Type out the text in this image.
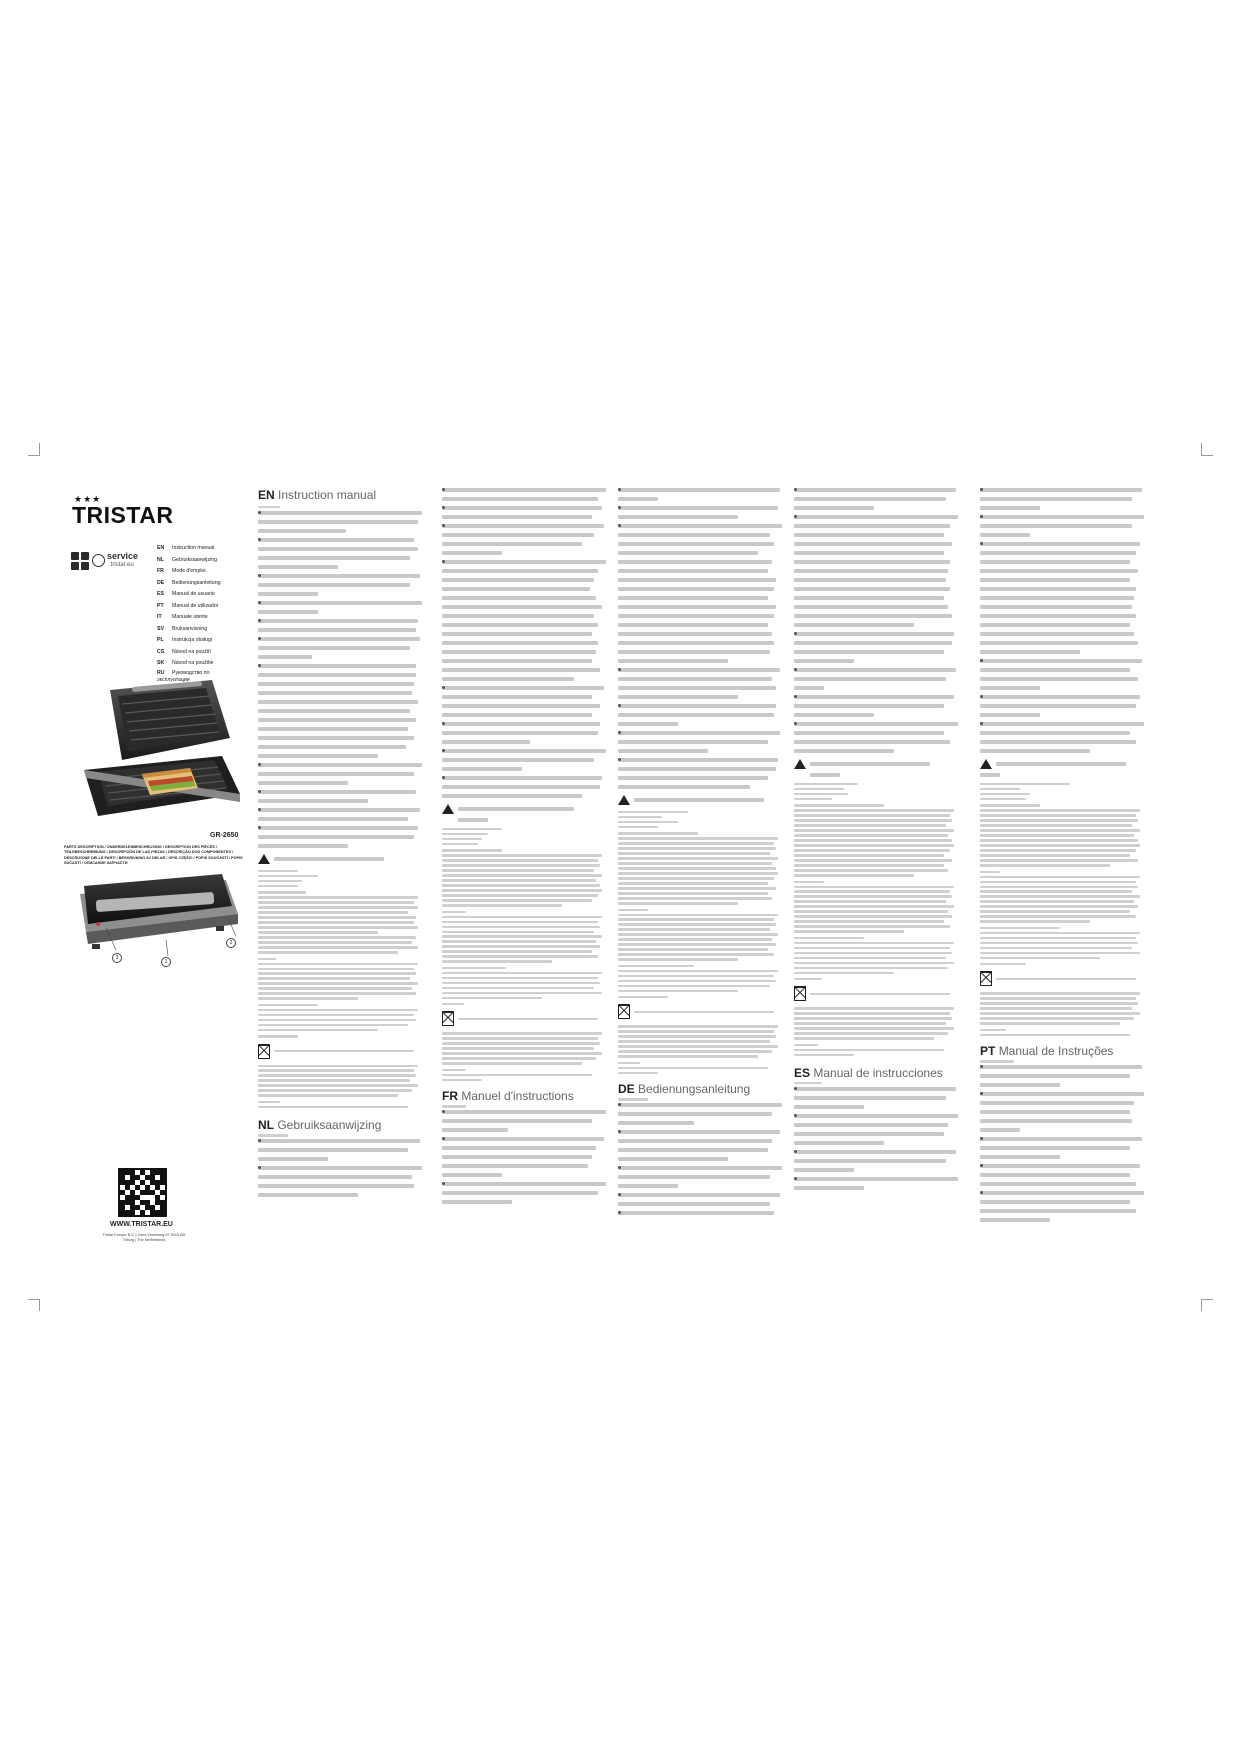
★★★
TRISTAR
service
.tristar.eu
EN Instruction manual
NL Gebruiksaanwijzing
FR Mode d'emploi
DE Bedienungsanleitung
ES Manual de usuario
PT Manual de utilizador
IT Manuale utente
SV Bruksanvisning
PL Instrukcja obsługi
CS Návod na použití
SK Návod na použitie
RU Руководство по эксплуатации
GR-2650
PARTS DESCRIPTION / ONDERDELENBESCHRIJVING / DESCRIPTION DES PIÈCES / TEILEBESCHREIBUNG / DESCRIPCIÓN DE LAS PIEZAS / DESCRIÇÃO DOS COMPONENTES / DESCRIZIONE DELLE PARTI / BESKRIVNING AV DELAR / OPIS CZĘŚCI / POPIS SOUČÁSTÍ / POPIS SÚČASTÍ / ОПИСАНИЕ ЗАПЧАСТИ
1
2
3
WWW.TRISTAR.EU
Tristar Europe B.V. | Jules Verneweg 87 5015 BH Tilburg | The Netherlands
EN Instruction manual
NL Gebruiksaanwijzing
FR Manuel d'instructions
DE Bedienungsanleitung
ES Manual de instrucciones
PT Manual de Instruções
